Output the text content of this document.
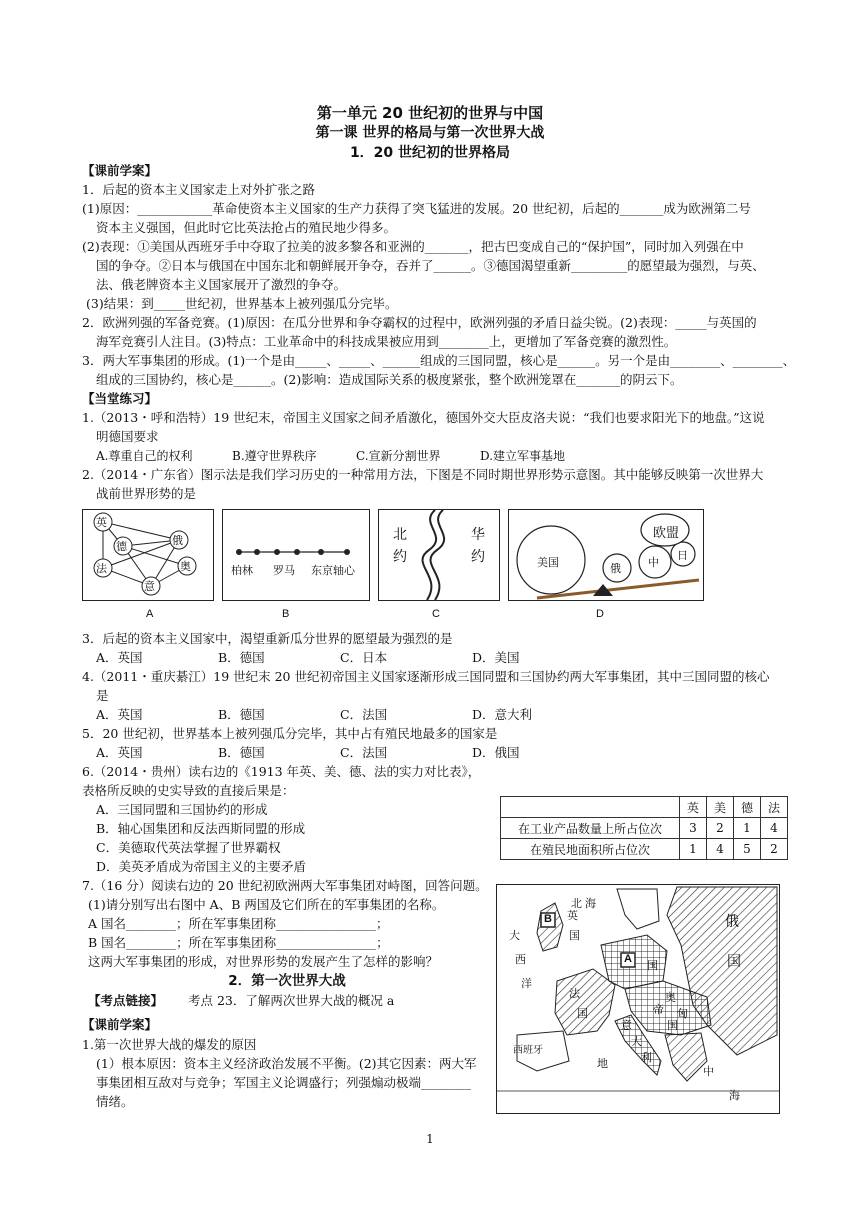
第一单元 20 世纪初的世界与中国
第一课 世界的格局与第一次世界大战
1．20 世纪初的世界格局
【课前学案】
1．后起的资本主义国家走上对外扩张之路
(1)原因：____________革命使资本主义国家的生产力获得了突飞猛进的发展。20 世纪初，后起的_______成为欧洲第二号
资本主义强国，但此时它比英法抢占的殖民地少得多。
(2)表现：①美国从西班牙手中夺取了拉美的波多黎各和亚洲的_______，把古巴变成自己的“保护国”，同时加入列强在中
国的争夺。②日本与俄国在中国东北和朝鲜展开争夺，吞并了______。③德国渴望重新_________的愿望最为强烈，与英、
法、俄老牌资本主义国家展开了激烈的争夺。
(3)结果：到_____世纪初，世界基本上被列强瓜分完毕。
2．欧洲列强的军备竞赛。(1)原因：在瓜分世界和争夺霸权的过程中，欧洲列强的矛盾日益尖锐。(2)表现：_____与英国的
海军竞赛引人注目。(3)特点：工业革命中的科技成果被应用到________上，更增加了军备竞赛的激烈性。
3．两大军事集团的形成。(1)一个是由_____、_____、______组成的三国同盟，核心是______。另一个是由________、________、
组成的三国协约，核心是______。(2)影响：造成国际关系的极度紧张，整个欧洲笼罩在_______的阴云下。
【当堂练习】
1.（2013・呼和浩特）19 世纪末，帝国主义国家之间矛盾激化，德国外交大臣皮洛夫说：“我们也要求阳光下的地盘。”这说
明德国要求
A.尊重自己的权利	B.遵守世界秩序	C.宣新分割世界	D.建立军事基地
2.（2014・广东省）图示法是我们学习历史的一种常用方法，下图是不同时期世界形势示意图。其中能够反映第一次世界大
战前世界形势的是
英
德	俄
法	奥
意
A
柏林 罗马 东京轴心
B
北
约
华
约
C
美国
欧盟
俄 中
日
D
3．后起的资本主义国家中，渴望重新瓜分世界的愿望最为强烈的是
A．英国	B．德国	C．日本	D．美国
4.（2011・重庆綦江）19 世纪末 20 世纪初帝国主义国家逐渐形成三国同盟和三国协约两大军事集团，其中三国同盟的核心
是
A．英国	B．德国	C．法国	D．意大利
5．20 世纪初，世界基本上被列强瓜分完毕，其中占有殖民地最多的国家是
A．英国	B．德国	C．法国	D．俄国
6.（2014・贵州）读右边的《1913 年英、美、德、法的实力对比表》，
表格所反映的史实导致的直接后果是：
A．三国同盟和三国协约的形成
B．轴心国集团和反法西斯同盟的形成
C．美德取代英法掌握了世界霸权
D．美英矛盾成为帝国主义的主要矛盾
	英	美	德	法
在工业产品数量上所占位次	3	2	1	4
在殖民地面积所占位次	1	4	5	2
7.（16 分）阅读右边的 20 世纪初欧洲两大军事集团对峙图，回答问题。
(1)请分别写出右图中 A、B 两国及它们所在的军事集团的名称。
A 国名________；所在军事集团称________________；
B 国名________；所在军事集团称________________；
这两大军事集团的形成，对世界形势的发展产生了怎样的影响？
北 海
俄
国
B 英
国
大
西
洋
A
国
法
国
奥
匈
帝
国
西班牙
地
中
海
意
大
利
2．第一次世界大战
【考点链接】 考点 23．了解两次世界大战的概况 a
【课前学案】
1.第一次世界大战的爆发的原因
(1）根本原因：资本主义经济政治发展不平衡。(2)其它因素：两大军
事集团相互敌对与竞争；军国主义论调盛行；列强煽动极端________
情绪。
1
